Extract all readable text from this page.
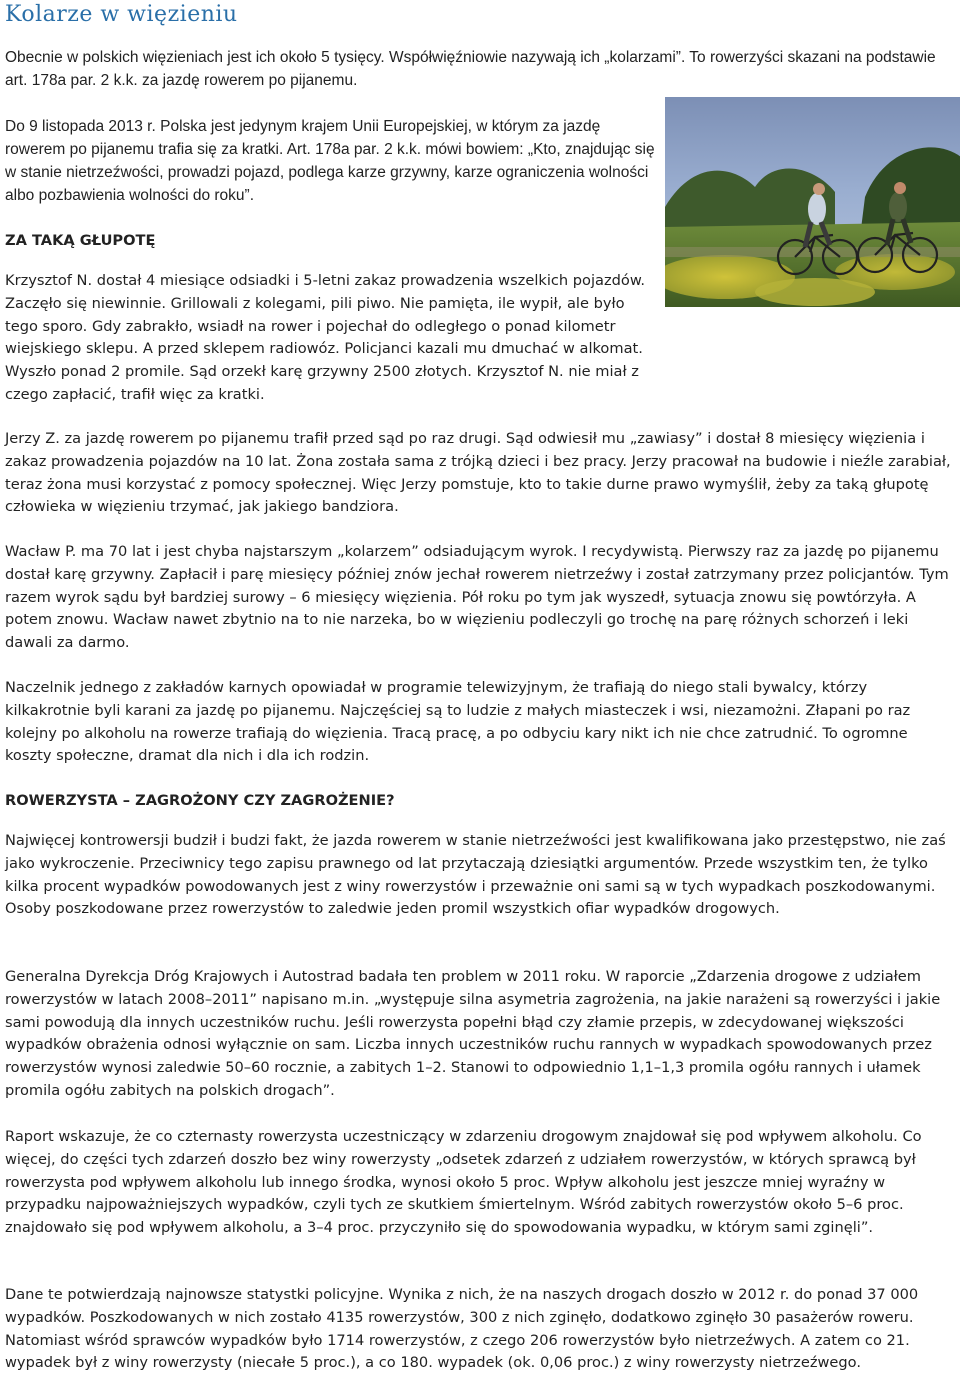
Kolarze w więzieniu

Obecnie w polskich więzieniach jest ich około 5 tysięcy. Współwięźniowie nazywają ich „kolarzami”. To rowerzyści skazani na podstawie art. 178a par. 2 k.k. za jazdę rowerem po pijanemu.

Do 9 listopada 2013 r. Polska jest jedynym krajem Unii Europejskiej, w którym za jazdę rowerem po pijanemu trafia się za kratki. Art. 178a par. 2 k.k. mówi bowiem: „Kto, znajdując się w stanie nietrzeźwości, prowadzi pojazd, podlega karze grzywny, karze ograniczenia wolności albo pozbawienia wolności do roku”.

ZA TAKĄ GŁUPOTĘ

Krzysztof N. dostał 4 miesiące odsiadki i 5-letni zakaz prowadzenia wszelkich pojazdów. Zaczęło się niewinnie. Grillowali z kolegami, pili piwo. Nie pamięta, ile wypił, ale było tego sporo. Gdy zabrakło, wsiadł na rower i pojechał do odległego o ponad kilometr wiejskiego sklepu. A przed sklepem radiowóz. Policjanci kazali mu dmuchać w alkomat. Wyszło ponad 2 promile. Sąd orzekł karę grzywny 2500 złotych. Krzysztof N. nie miał z czego zapłacić, trafił więc za kratki.

Jerzy Z. za jazdę rowerem po pijanemu trafił przed sąd po raz drugi. Sąd odwiesił mu „zawiasy” i dostał 8 miesięcy więzienia i zakaz prowadzenia pojazdów na 10 lat. Żona została sama z trójką dzieci i bez pracy. Jerzy pracował na budowie i nieźle zarabiał, teraz żona musi korzystać z pomocy społecznej. Więc Jerzy pomstuje, kto to takie durne prawo wymyślił, żeby za taką głupotę człowieka w więzieniu trzymać, jak jakiego bandziora.

Wacław P. ma 70 lat i jest chyba najstarszym „kolarzem” odsiadującym wyrok. I recydywistą. Pierwszy raz za jazdę po pijanemu dostał karę grzywny. Zapłacił i parę miesięcy później znów jechał rowerem nietrzeźwy i został zatrzymany przez policjantów. Tym razem wyrok sądu był bardziej surowy – 6 miesięcy więzienia. Pół roku po tym jak wyszedł, sytuacja znowu się powtórzyła. A potem znowu. Wacław nawet zbytnio na to nie narzeka, bo w więzieniu podleczyli go trochę na parę różnych schorzeń i leki dawali za darmo.

Naczelnik jednego z zakładów karnych opowiadał w programie telewizyjnym, że trafiają do niego stali bywalcy, którzy kilkakrotnie byli karani za jazdę po pijanemu. Najczęściej są to ludzie z małych miasteczek i wsi, niezamożni. Złapani po raz kolejny po alkoholu na rowerze trafiają do więzienia. Tracą pracę, a po odbyciu kary nikt ich nie chce zatrudnić. To ogromne koszty społeczne, dramat dla nich i dla ich rodzin.

ROWERZYSTA – ZAGROŻONY CZY ZAGROŻENIE?

Najwięcej kontrowersji budził i budzi fakt, że jazda rowerem w stanie nietrzeźwości jest kwalifikowana jako przestępstwo, nie zaś jako wykroczenie. Przeciwnicy tego zapisu prawnego od lat przytaczają dziesiątki argumentów. Przede wszystkim ten, że tylko kilka procent wypadków powodowanych jest z winy rowerzystów i przeważnie oni sami są w tych wypadkach poszkodowanymi. Osoby poszkodowane przez rowerzystów to zaledwie jeden promil wszystkich ofiar wypadków drogowych.

Generalna Dyrekcja Dróg Krajowych i Autostrad badała ten problem w 2011 roku. W raporcie „Zdarzenia drogowe z udziałem rowerzystów w latach 2008–2011” napisano m.in. „występuje silna asymetria zagrożenia, na jakie narażeni są rowerzyści i jakie sami powodują dla innych uczestników ruchu. Jeśli rowerzysta popełni błąd czy złamie przepis, w zdecydowanej większości wypadków obrażenia odnosi wyłącznie on sam. Liczba innych uczestników ruchu rannych w wypadkach spowodowanych przez rowerzystów wynosi zaledwie 50–60 rocznie, a zabitych 1–2. Stanowi to odpowiednio 1,1–1,3 promila ogółu rannych i ułamek promila ogółu zabitych na polskich drogach”.

Raport wskazuje, że co czternasty rowerzysta uczestniczący w zdarzeniu drogowym znajdował się pod wpływem alkoholu. Co więcej, do części tych zdarzeń doszło bez winy rowerzysty „odsetek zdarzeń z udziałem rowerzystów, w których sprawcą był rowerzysta pod wpływem alkoholu lub innego środka, wynosi około 5 proc. Wpływ alkoholu jest jeszcze mniej wyraźny w przypadku najpoważniejszych wypadków, czyli tych ze skutkiem śmiertelnym. Wśród zabitych rowerzystów około 5–6 proc. znajdowało się pod wpływem alkoholu, a 3–4 proc. przyczyniło się do spowodowania wypadku, w którym sami zginęli”.

Dane te potwierdzają najnowsze statystki policyjne. Wynika z nich, że na naszych drogach doszło w 2012 r. do ponad 37 000 wypadków. Poszkodowanych w nich zostało 4135 rowerzystów, 300 z nich zginęło, dodatkowo zginęło 30 pasażerów roweru. Natomiast wśród sprawców wypadków było 1714 rowerzystów, z czego 206 rowerzystów było nietrzeźwych. A zatem co 21. wypadek był z winy rowerzysty (niecałe 5 proc.), a co 180. wypadek (ok. 0,06 proc.) z winy rowerzysty nietrzeźwego.
